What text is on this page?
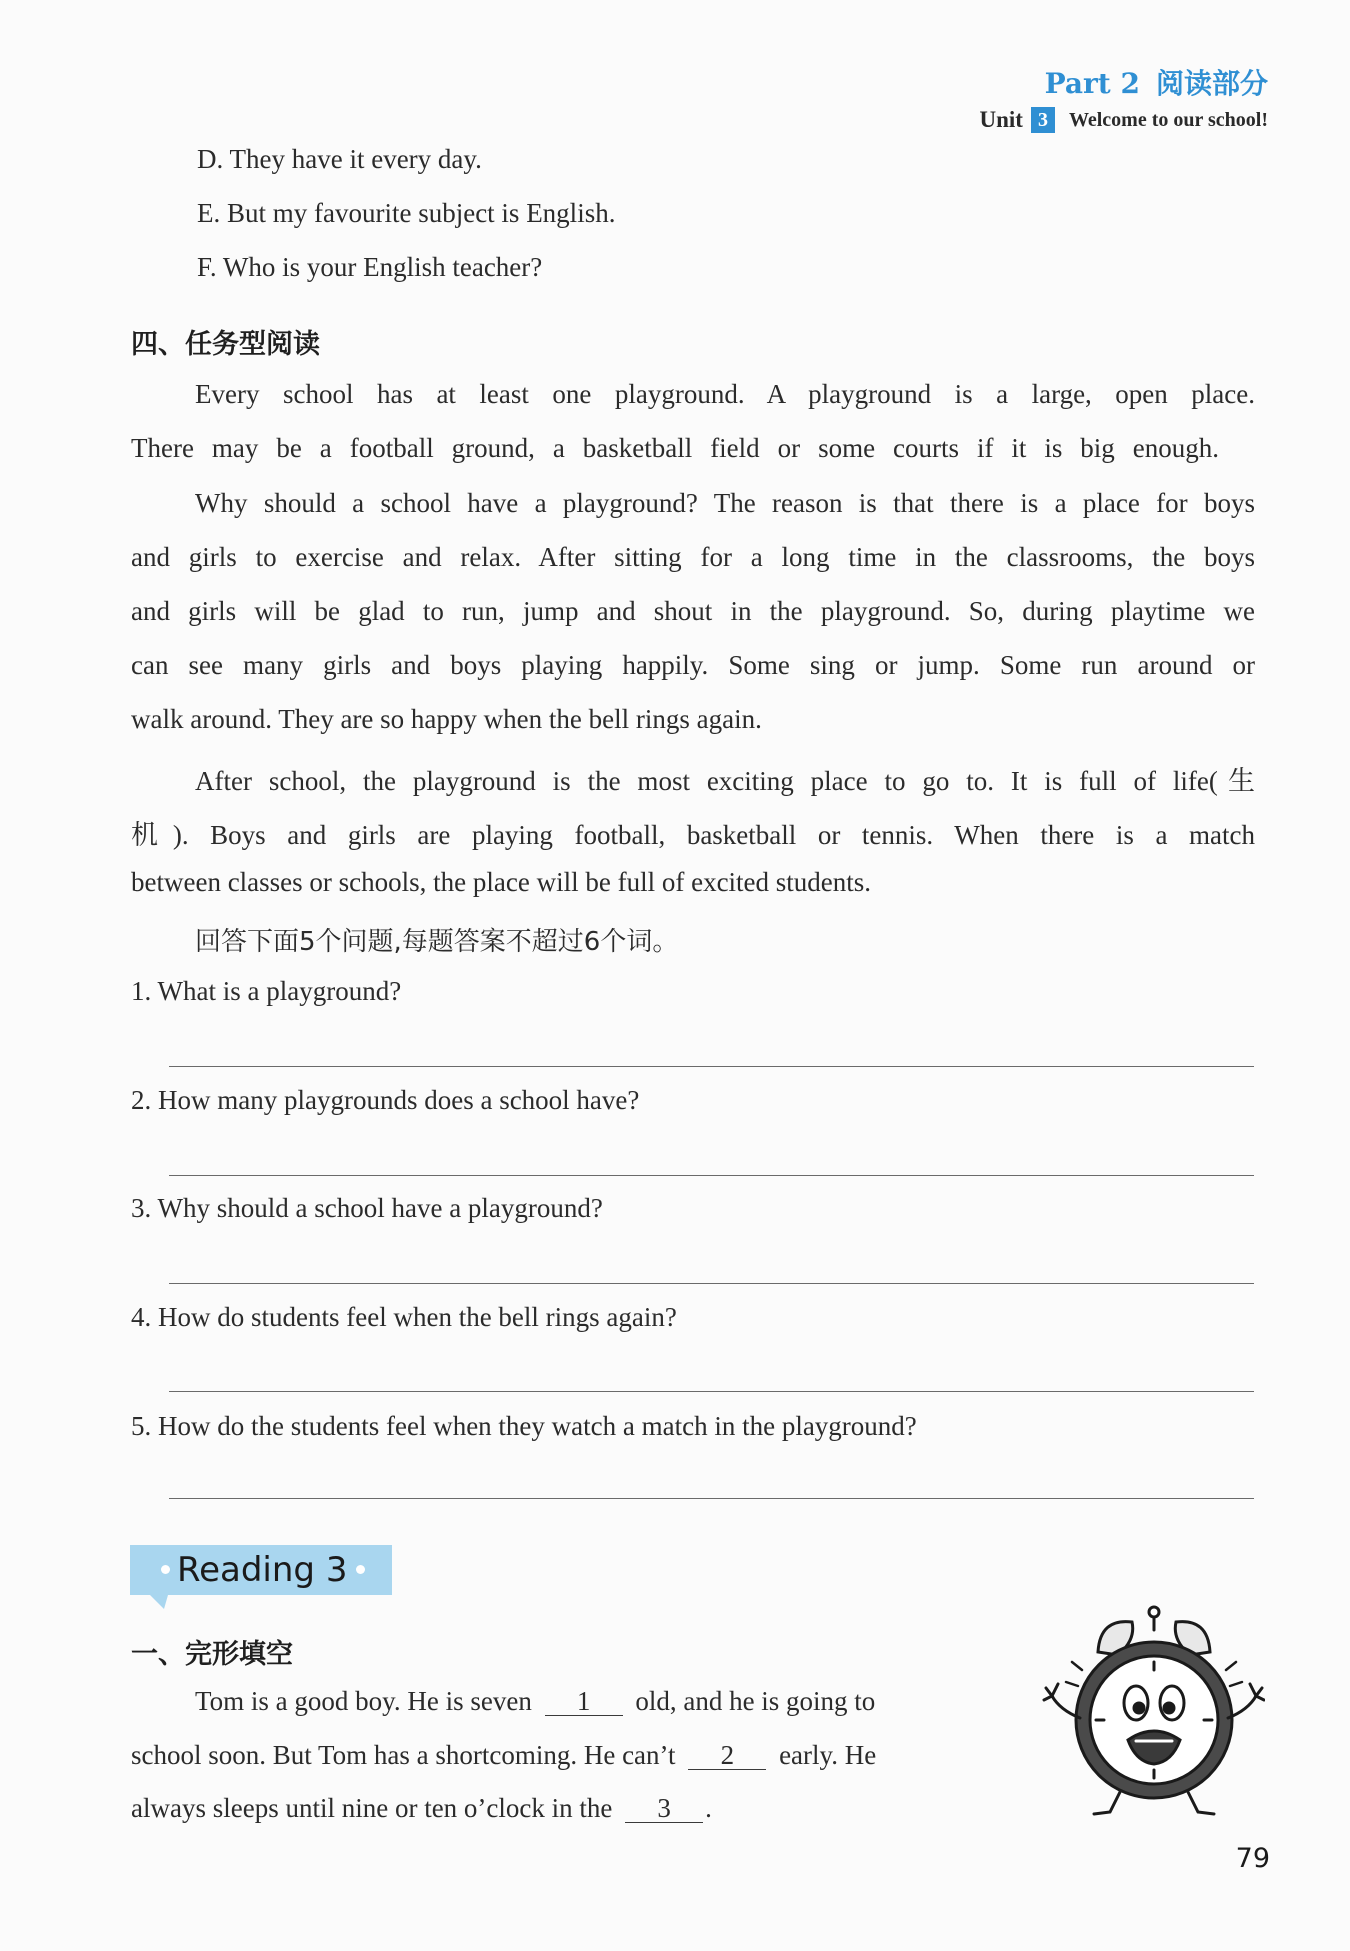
Part 2 阅读部分
Unit 3	Welcome to our school!
D. They have it every day.
E. But my favourite subject is English.
F. Who is your English teacher?
四、任务型阅读
Every school has at least one playground. A playground is a large, open place.
There may be a football ground, a basketball field or some courts if it is big enough.
Why should a school have a playground? The reason is that there is a place for boys
and girls to exercise and relax. After sitting for a long time in the classrooms, the boys
and girls will be glad to run, jump and shout in the playground. So, during playtime we
can see many girls and boys playing happily. Some sing or jump. Some run around or
walk around. They are so happy when the bell rings again.
After school, the playground is the most exciting place to go to. It is full of life(生
机). Boys and girls are playing football, basketball or tennis. When there is a match
between classes or schools, the place will be full of excited students.
回答下面5个问题,每题答案不超过6个词。
1. What is a playground?
2. How many playgrounds does a school have?
3. Why should a school have a playground?
4. How do students feel when the bell rings again?
5. How do the students feel when they watch a match in the playground?
Reading 3
一、完形填空
Tom is a good boy. He is seven 1 old, and he is going to
school soon. But Tom has a shortcoming. He can’t 2 early. He
always sleeps until nine or ten o’clock in the 3 .
79
